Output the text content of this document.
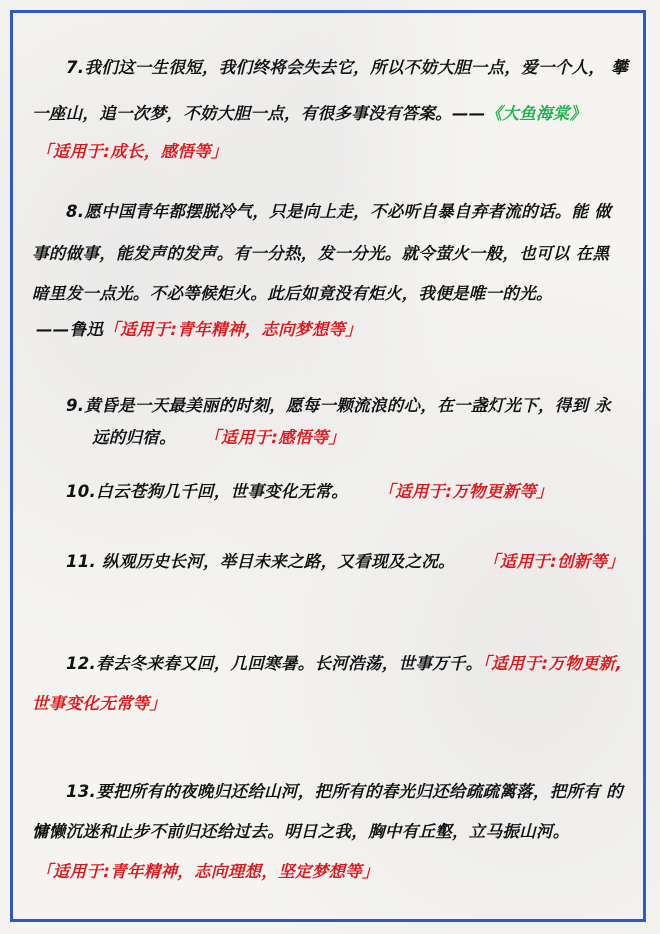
7.我们这一生很短，我们终将会失去它，所以不妨大胆一点，爱一个人， 攀
一座山，追一次梦，不妨大胆一点，有很多事没有答案。——《大鱼海棠》
「适用于:成长，感悟等」
8.愿中国青年都摆脱冷气，只是向上走，不必听自暴自弃者流的话。能 做
事的做事，能发声的发声。有一分热，发一分光。就令萤火一般，也可以 在黑
暗里发一点光。不必等候炬火。此后如竟没有炬火，我便是唯一的光。
——鲁迅「适用于:青年精神，志向梦想等」
9.黄昏是一天最美丽的时刻，愿每一颗流浪的心，在一盏灯光下，得到 永
远的归宿。 「适用于:感悟等」
10.白云苍狗几千回，世事变化无常。 「适用于:万物更新等」
11. 纵观历史长河，举目未来之路，又看现及之况。 「适用于:创新等」
12.春去冬来春又回，几回寒暑。长河浩荡，世事万千。「适用于:万物更新,
世事变化无常等」
13.要把所有的夜晚归还给山河，把所有的春光归还给疏疏篱落，把所有 的
慵懒沉迷和止步不前归还给过去。明日之我，胸中有丘壑，立马振山河。
「适用于:青年精神，志向理想，坚定梦想等」
